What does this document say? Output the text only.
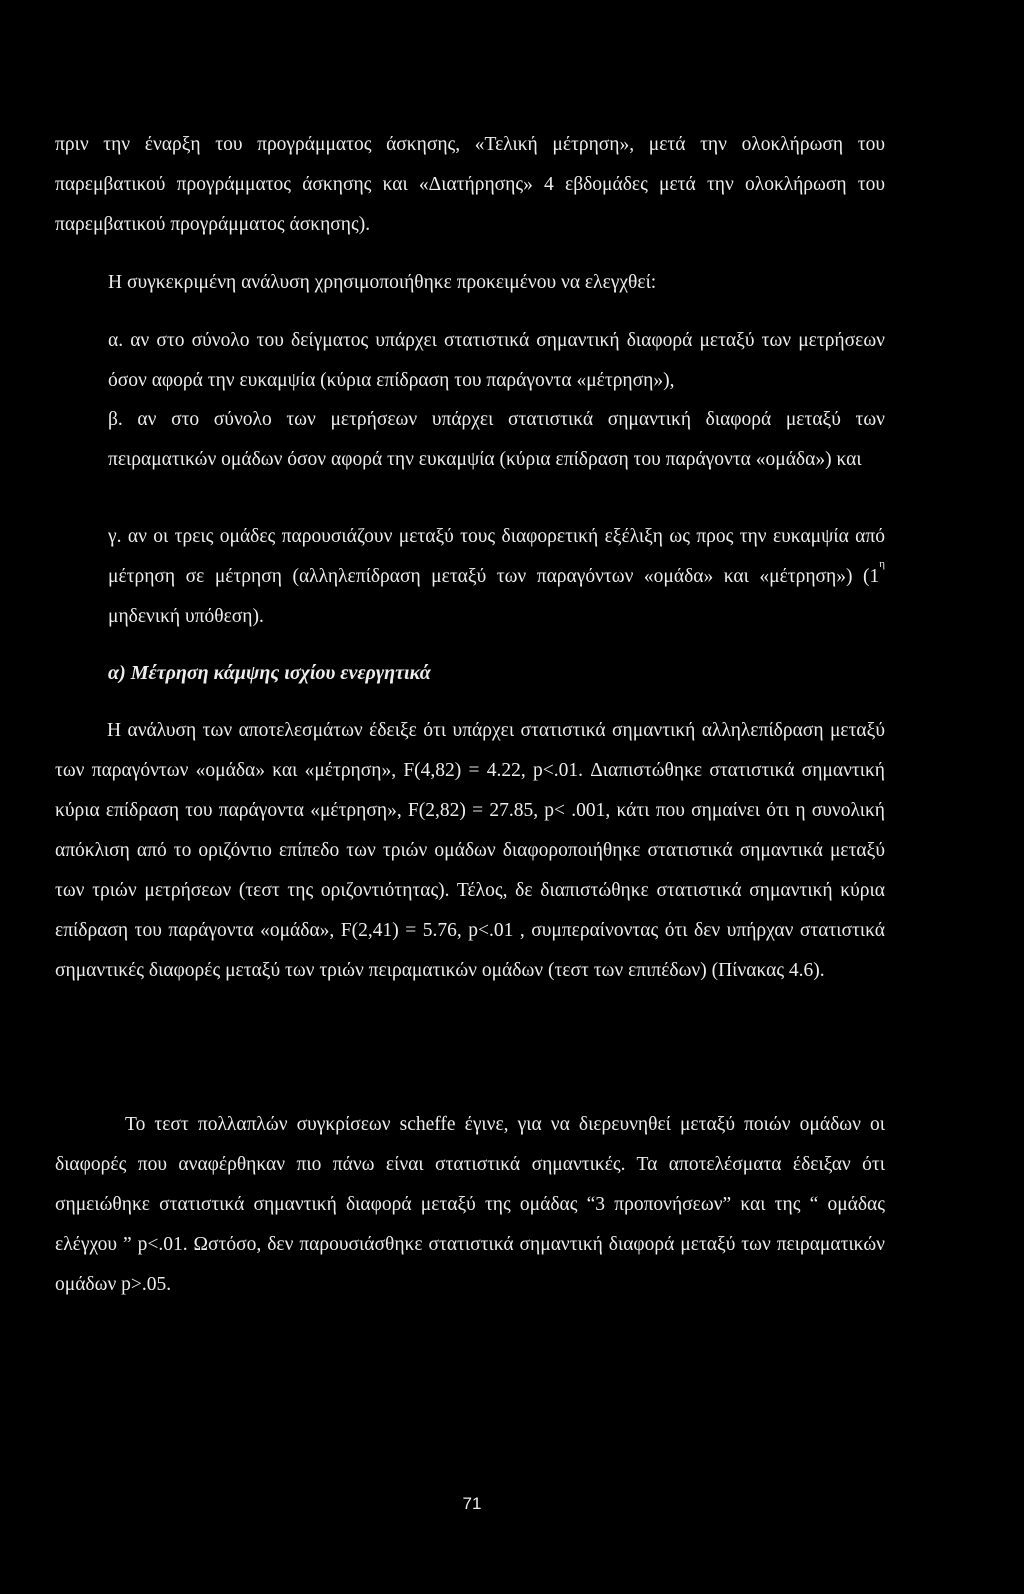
πριν την έναρξη του προγράμματος άσκησης, «Τελική μέτρηση», μετά την ολοκλήρωση του παρεμβατικού προγράμματος άσκησης και «Διατήρησης» 4 εβδομάδες μετά την ολοκλήρωση του παρεμβατικού προγράμματος άσκησης).

Η συγκεκριμένη ανάλυση χρησιμοποιήθηκε προκειμένου να ελεγχθεί:

α. αν στο σύνολο του δείγματος υπάρχει στατιστικά σημαντική διαφορά μεταξύ των μετρήσεων όσον αφορά την ευκαμψία (κύρια επίδραση του παράγοντα «μέτρηση»),

β. αν στο σύνολο των μετρήσεων υπάρχει στατιστικά σημαντική διαφορά μεταξύ των πειραματικών ομάδων όσον αφορά την ευκαμψία (κύρια επίδραση του παράγοντα «ομάδα») και

γ. αν οι τρεις ομάδες παρουσιάζουν μεταξύ τους διαφορετική εξέλιξη ως προς την ευκαμψία από μέτρηση σε μέτρηση (αλληλεπίδραση μεταξύ των παραγόντων «ομάδα» και «μέτρηση») ($1^\eta$ μηδενική υπόθεση).

α) Μέτρηση κάμψης ισχίου ενεργητικά

Η ανάλυση των αποτελεσμάτων έδειξε ότι υπάρχει στατιστικά σημαντική αλληλεπίδραση μεταξύ των παραγόντων «ομάδα» και «μέτρηση», F(4,82) = 4.22, p<.01. Διαπιστώθηκε στατιστικά σημαντική κύρια επίδραση του παράγοντα «μέτρηση», F(2,82) = 27.85, p< .001, κάτι που σημαίνει ότι η συνολική απόκλιση από το οριζόντιο επίπεδο των τριών ομάδων διαφοροποιήθηκε στατιστικά σημαντικά μεταξύ των τριών μετρήσεων (τεστ της οριζοντιότητας). Τέλος, δε διαπιστώθηκε στατιστικά σημαντική κύρια επίδραση του παράγοντα «ομάδα», F(2,41) = 5.76, p<.01 , συμπεραίνοντας ότι δεν υπήρχαν στατιστικά σημαντικές διαφορές μεταξύ των τριών πειραματικών ομάδων (τεστ των επιπέδων) (Πίνακας 4.6).

Το τεστ πολλαπλών συγκρίσεων scheffe έγινε, για να διερευνηθεί μεταξύ ποιών ομάδων οι διαφορές που αναφέρθηκαν πιο πάνω είναι στατιστικά σημαντικές. Τα αποτελέσματα έδειξαν ότι σημειώθηκε στατιστικά σημαντική διαφορά μεταξύ της ομάδας “3 προπονήσεων” και της “ ομάδας ελέγχου ” p<.01. Ωστόσο, δεν παρουσιάσθηκε στατιστικά σημαντική διαφορά μεταξύ των πειραματικών ομάδων p>.05.

71
